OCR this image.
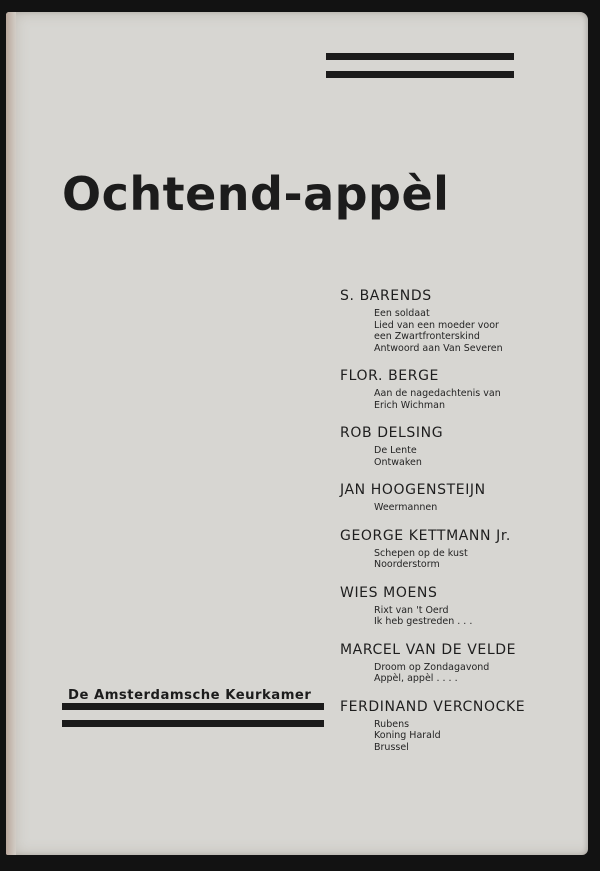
Ochtend-appèl
S. BARENDS
Een soldaat
Lied van een moeder voor
een Zwartfronterskind
Antwoord aan Van Severen
FLOR. BERGE
Aan de nagedachtenis van
Erich Wichman
ROB DELSING
De Lente
Ontwaken
JAN HOOGENSTEIJN
Weermannen
GEORGE KETTMANN Jr.
Schepen op de kust
Noorderstorm
WIES MOENS
Rixt van 't Oerd
Ik heb gestreden . . .
MARCEL VAN DE VELDE
Droom op Zondagavond
Appèl, appèl . . . .
FERDINAND VERCNOCKE
Rubens
Koning Harald
Brussel
De Amsterdamsche Keurkamer
